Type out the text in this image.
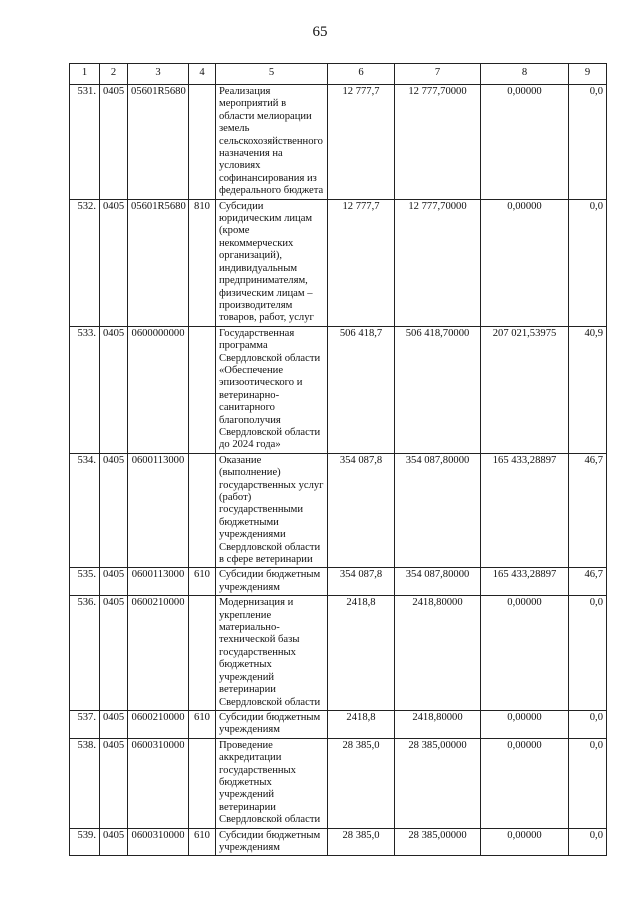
65
1	2	3	4	5	6	7	8	9
531.	0405	05601R5680		Реализация мероприятий в области мелиорации земель сельскохозяйственного назначения на условиях софинансирования из федерального бюджета	12 777,7	12 777,70000	0,00000	0,0
532.	0405	05601R5680	810	Субсидии юридическим лицам (кроме некоммерческих организаций), индивидуальным предпринимателям, физическим лицам – производителям товаров, работ, услуг	12 777,7	12 777,70000	0,00000	0,0
533.	0405	0600000000		Государственная программа Свердловской области «Обеспечение эпизоотического и ветеринарно-санитарного благополучия Свердловской области до 2024 года»	506 418,7	506 418,70000	207 021,53975	40,9
534.	0405	0600113000		Оказание (выполнение) государственных услуг (работ) государственными бюджетными учреждениями Свердловской области в сфере ветеринарии	354 087,8	354 087,80000	165 433,28897	46,7
535.	0405	0600113000	610	Субсидии бюджетным учреждениям	354 087,8	354 087,80000	165 433,28897	46,7
536.	0405	0600210000		Модернизация и укрепление материально-технической базы государственных бюджетных учреждений ветеринарии Свердловской области	2418,8	2418,80000	0,00000	0,0
537.	0405	0600210000	610	Субсидии бюджетным учреждениям	2418,8	2418,80000	0,00000	0,0
538.	0405	0600310000		Проведение аккредитации государственных бюджетных учреждений ветеринарии Свердловской области	28 385,0	28 385,00000	0,00000	0,0
539.	0405	0600310000	610	Субсидии бюджетным учреждениям	28 385,0	28 385,00000	0,00000	0,0
